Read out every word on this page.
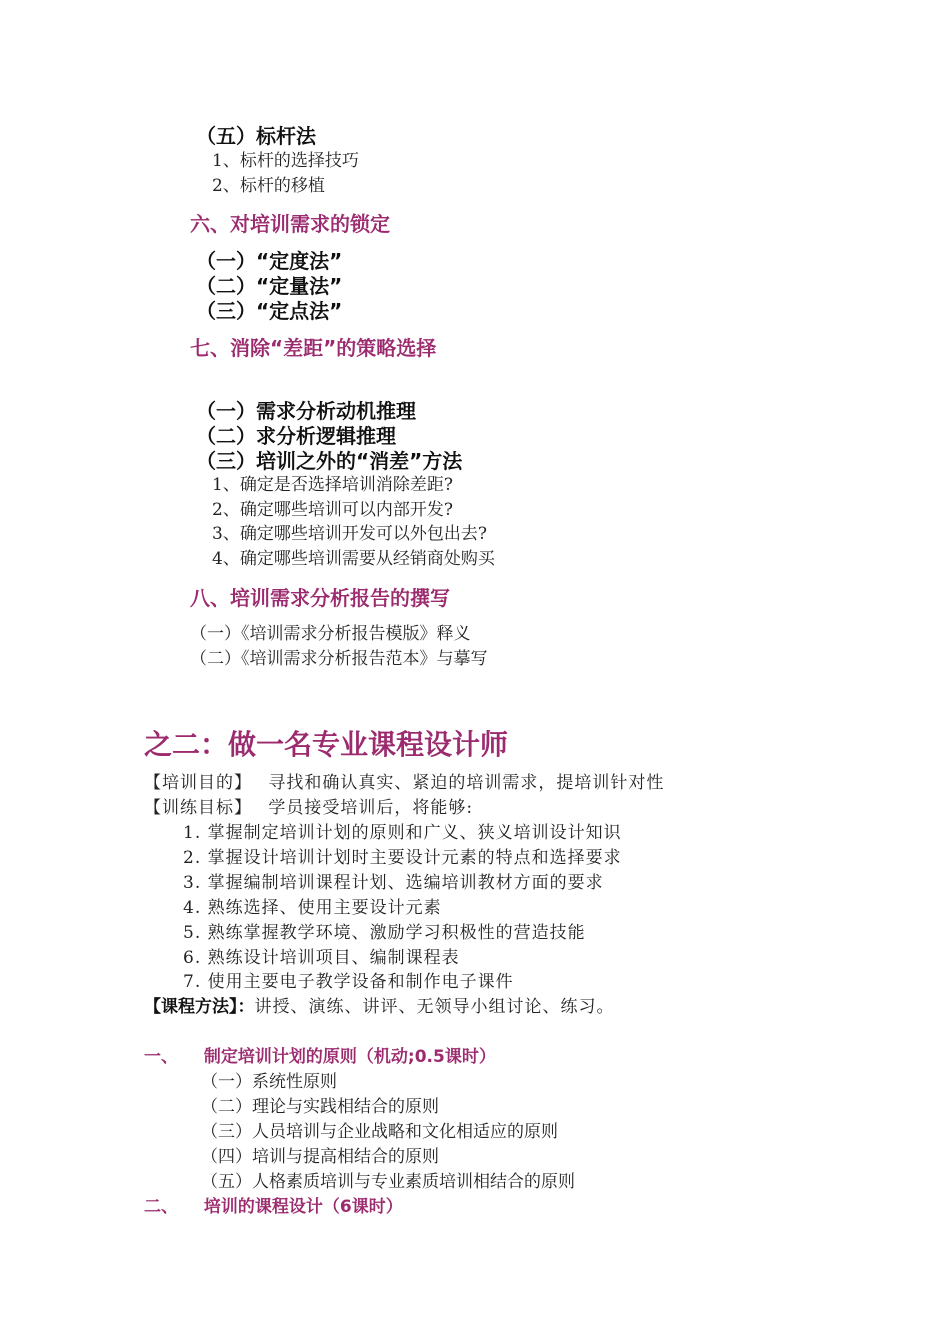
（五）标杆法
1、标杆的选择技巧
2、标杆的移植
六、对培训需求的锁定
（一）“定度法”
（二）“定量法”
（三）“定点法”
七、消除“差距”的策略选择
（一）需求分析动机推理
（二）求分析逻辑推理
（三）培训之外的“消差”方法
1、确定是否选择培训消除差距?
2、确定哪些培训可以内部开发?
3、确定哪些培训开发可以外包出去?
4、确定哪些培训需要从经销商处购买
八、培训需求分析报告的撰写
（一）《培训需求分析报告模版》释义
（二）《培训需求分析报告范本》与摹写
之二：做一名专业课程设计师
【培训目的】 寻找和确认真实、紧迫的培训需求，提培训针对性
【训练目标】 学员接受培训后，将能够:
1. 掌握制定培训计划的原则和广义、狭义培训设计知识
2. 掌握设计培训计划时主要设计元素的特点和选择要求
3. 掌握编制培训课程计划、选编培训教材方面的要求
4. 熟练选择、使用主要设计元素
5. 熟练掌握教学环境、激励学习积极性的营造技能
6. 熟练设计培训项目、编制课程表
7. 使用主要电子教学设备和制作电子课件
【课程方法】：讲授、演练、讲评、无领导小组讨论、练习。
一、 制定培训计划的原则（机动;0.5课时）
（一）系统性原则
（二）理论与实践相结合的原则
（三）人员培训与企业战略和文化相适应的原则
（四）培训与提高相结合的原则
（五）人格素质培训与专业素质培训相结合的原则
二、 培训的课程设计（6课时）
